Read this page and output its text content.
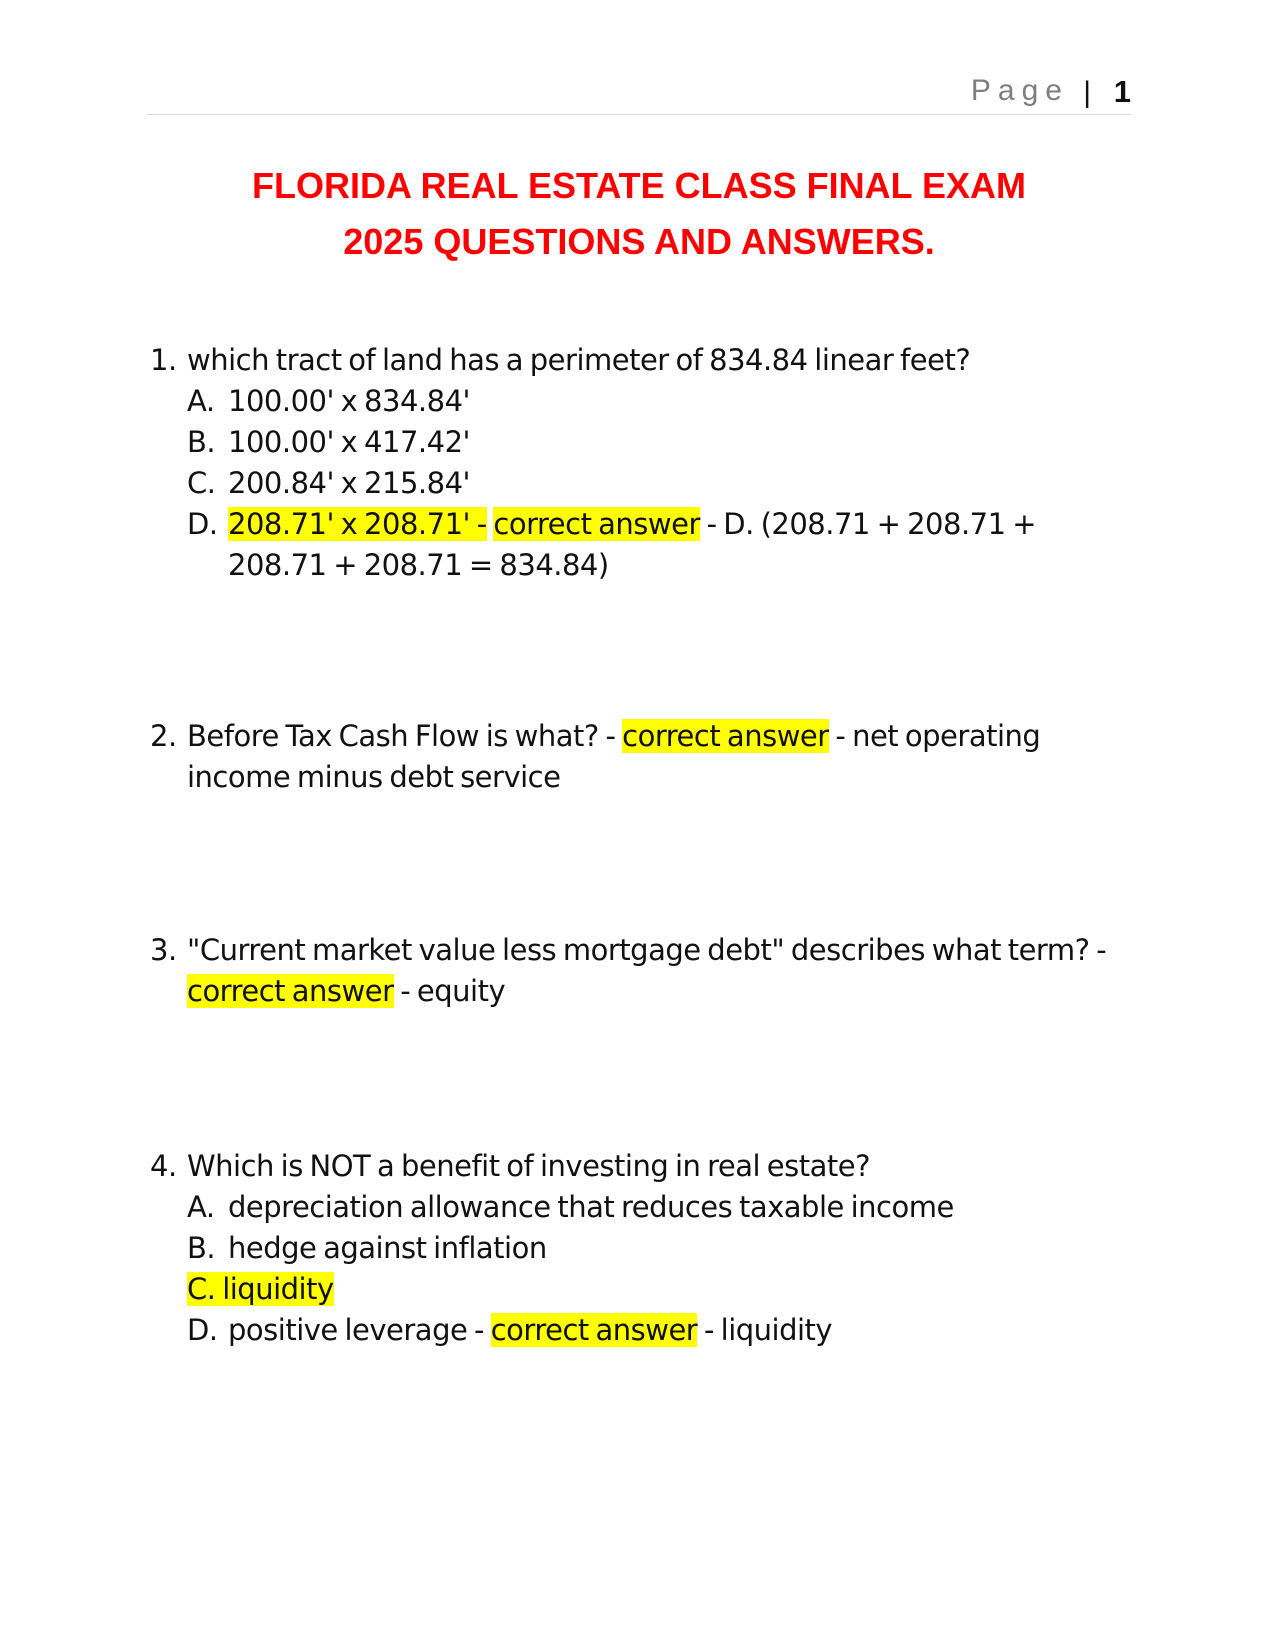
Page | 1
FLORIDA REAL ESTATE CLASS FINAL EXAM
2025 QUESTIONS AND ANSWERS.
1. which tract of land has a perimeter of 834.84 linear feet?
A. 100.00' x 834.84'
B. 100.00' x 417.42'
C. 200.84' x 215.84'
D. 208.71' x 208.71' - correct answer - D. (208.71 + 208.71 + 208.71 + 208.71 = 834.84)
2. Before Tax Cash Flow is what? - correct answer - net operating income minus debt service
3. "Current market value less mortgage debt" describes what term? - correct answer - equity
4. Which is NOT a benefit of investing in real estate?
A. depreciation allowance that reduces taxable income
B. hedge against inflation
C. liquidity
D. positive leverage - correct answer - liquidity
